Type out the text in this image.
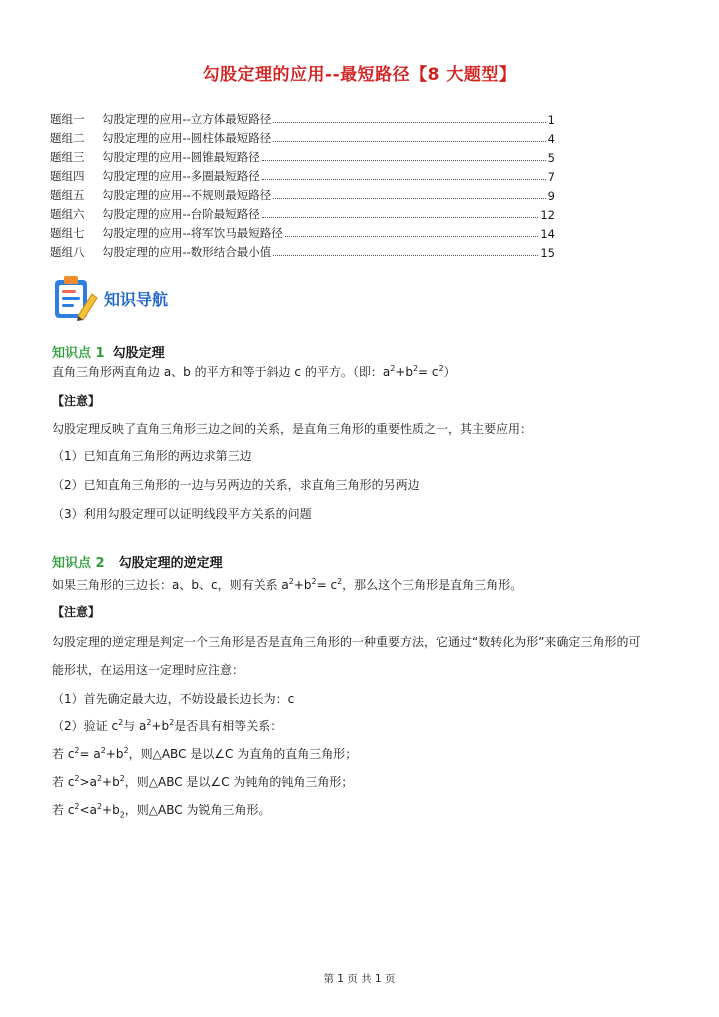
勾股定理的应用--最短路径【8 大题型】
题组一	勾股定理的应用--立方体最短路径	1
题组二	勾股定理的应用--圆柱体最短路径	4
题组三	勾股定理的应用--圆锥最短路径	5
题组四	勾股定理的应用--多圈最短路径	7
题组五	勾股定理的应用--不规则最短路径	9
题组六	勾股定理的应用--台阶最短路径	12
题组七	勾股定理的应用--将军饮马最短路径	14
题组八	勾股定理的应用--数形结合最小值	15
知识导航
知识点 1 勾股定理
直角三角形两直角边 a、b 的平方和等于斜边 c 的平方。（即：$a^2+b^2= c^2$）
【注意】
勾股定理反映了直角三角形三边之间的关系，是直角三角形的重要性质之一，其主要应用：
（1）已知直角三角形的两边求第三边
（2）已知直角三角形的一边与另两边的关系，求直角三角形的另两边
（3）利用勾股定理可以证明线段平方关系的问题
知识点 2 勾股定理的逆定理
如果三角形的三边长：a、b、c，则有关系 $a^2+b^2= c^2$，那么这个三角形是直角三角形。
【注意】
勾股定理的逆定理是判定一个三角形是否是直角三角形的一种重要方法，它通过“数转化为形”来确定三角形的可
能形状，在运用这一定理时应注意：
（1）首先确定最大边，不妨设最长边长为：c
（2）验证 $c^2$与 $a^2+b^2$是否具有相等关系：
若 $c^2= a^2+b^2$，则△ABC 是以∠C 为直角的直角三角形；
若 $c^2>a^2+b^2$，则△ABC 是以∠C 为钝角的钝角三角形；
若 $c^2<a^2+b_2$，则△ABC 为锐角三角形。
第 1 页 共 1 页
